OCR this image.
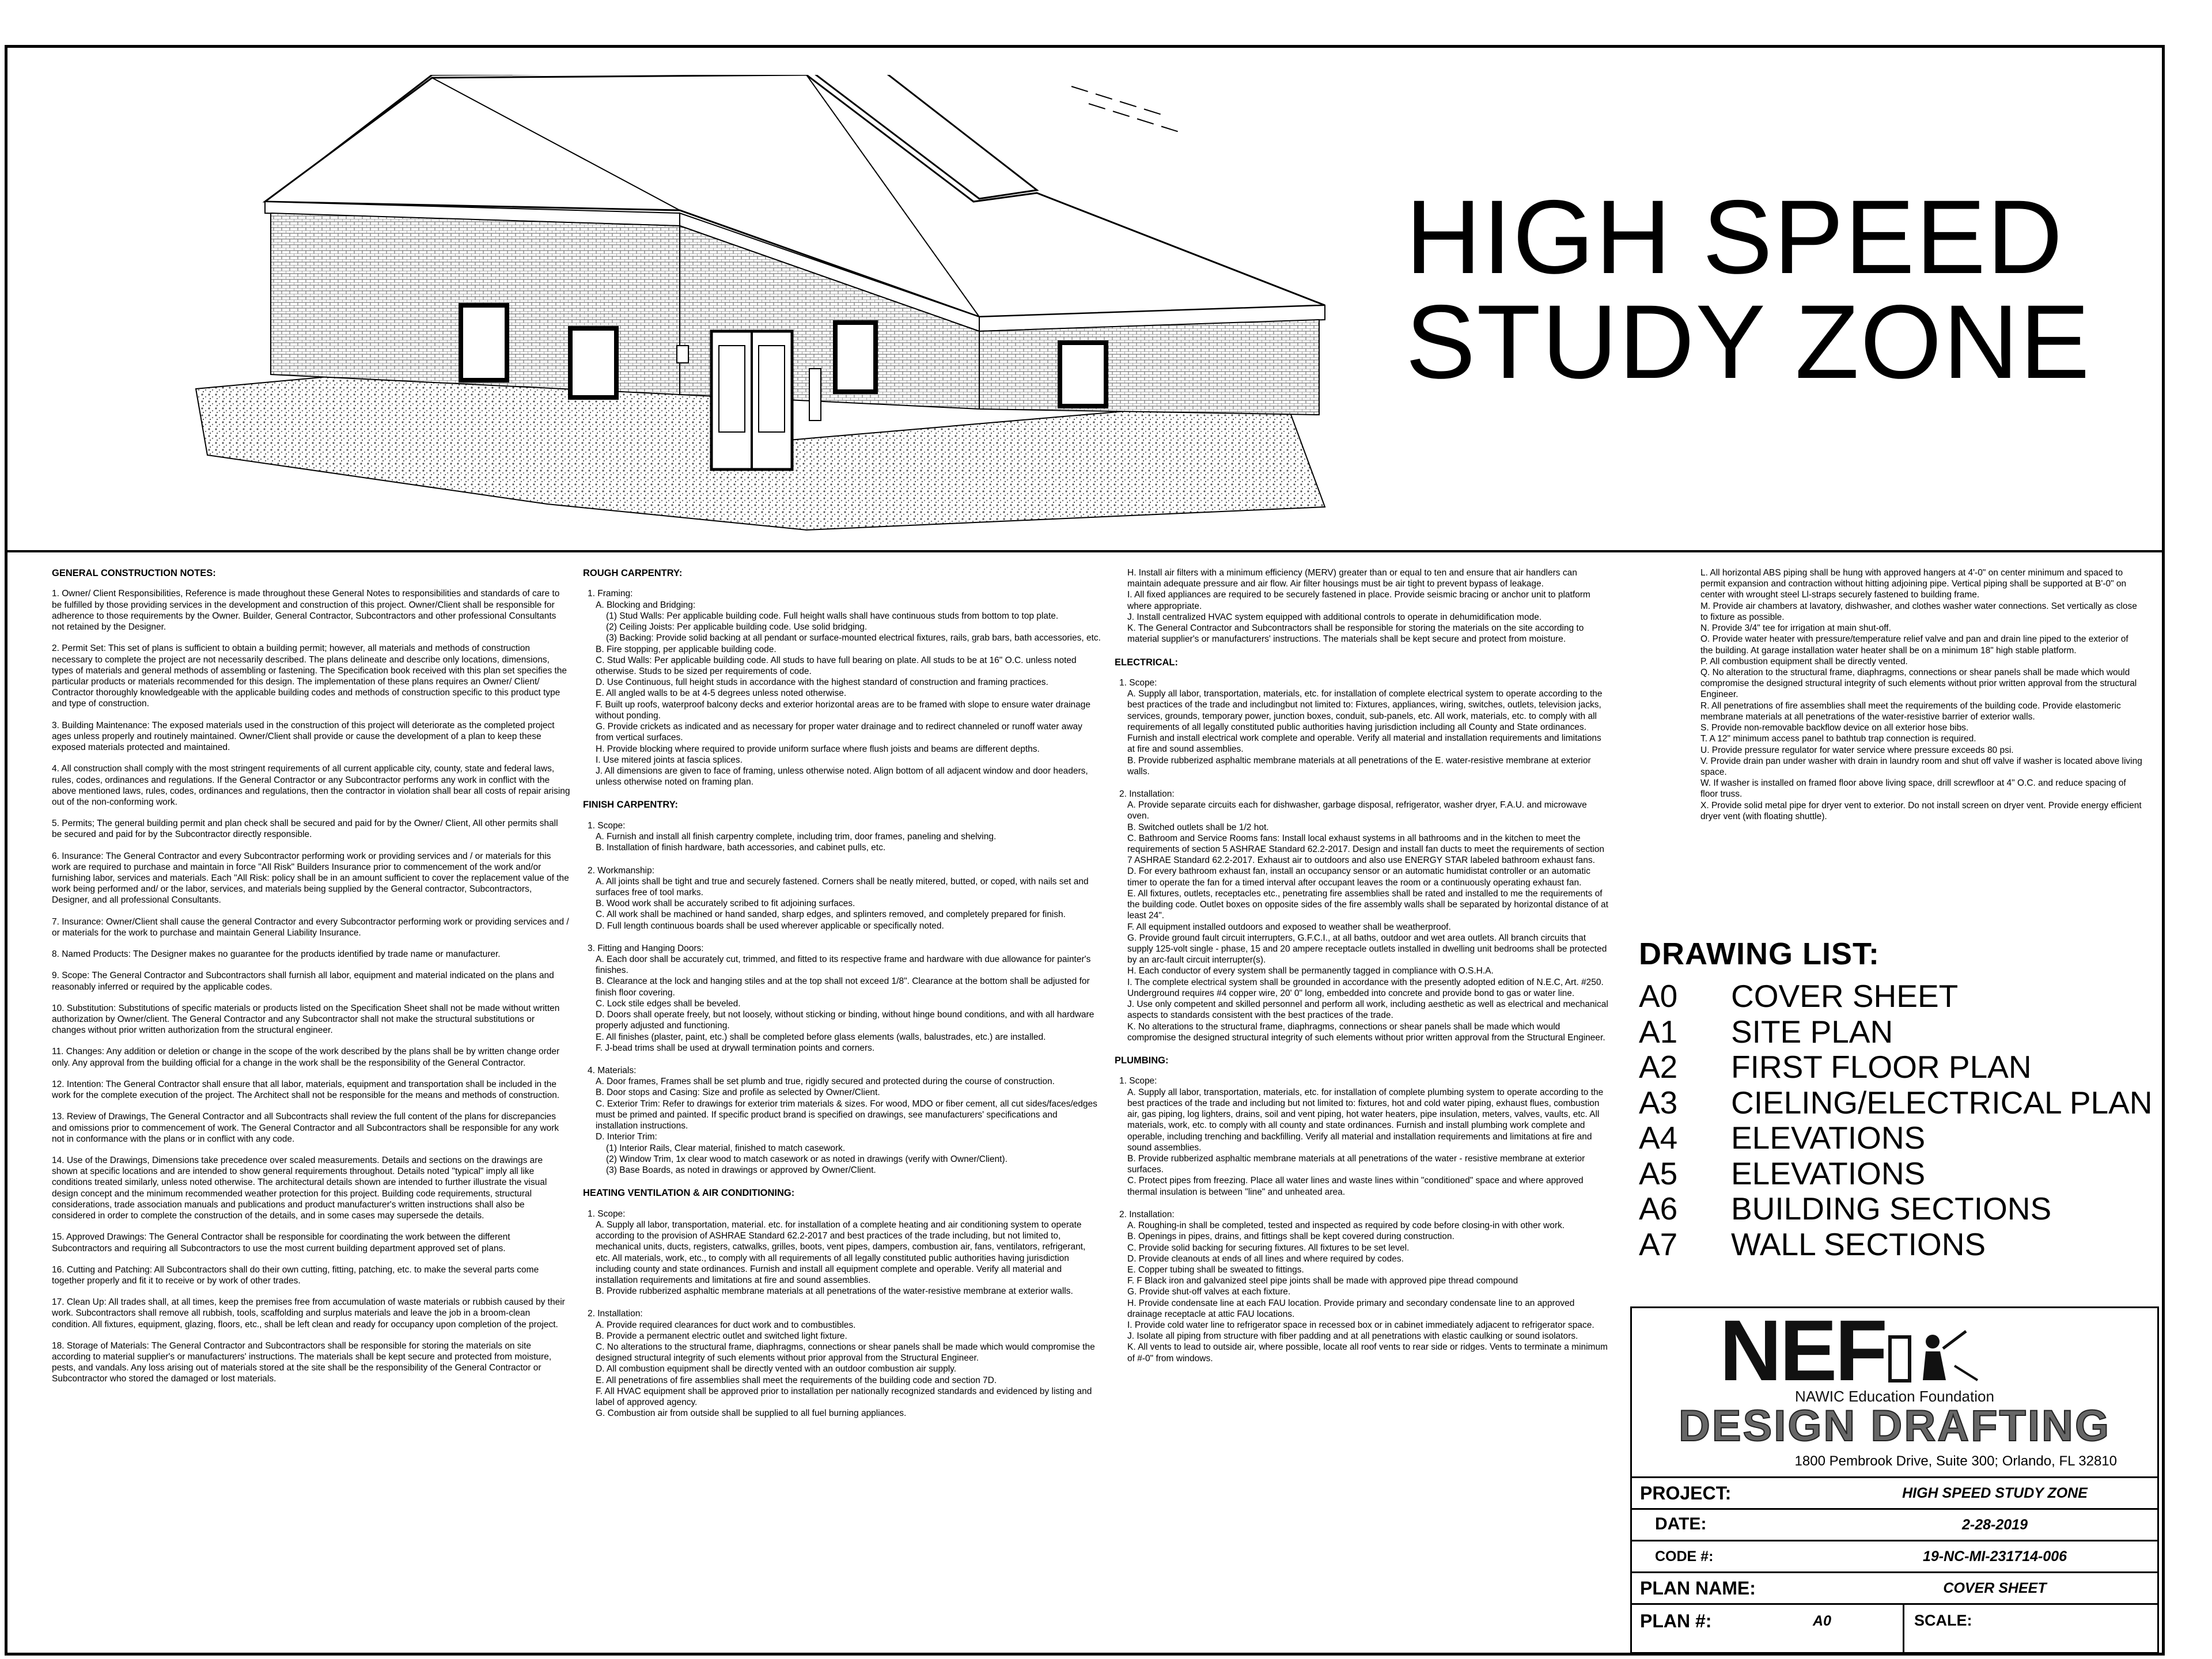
HIGH SPEED
STUDY ZONE
GENERAL CONSTRUCTION NOTES:

1. Owner/ Client Responsibilities, Reference is made throughout these General Notes to responsibilities and standards of care to be fulfilled by those providing services in the development and construction of this project. Owner/Client shall be responsible for adherence to those requirements by the Owner. Builder, General Contractor, Subcontractors and other professional Consultants not retained by the Designer.

2. Permit Set: This set of plans is sufficient to obtain a building permit; however, all materials and methods of construction necessary to complete the project are not necessarily described. The plans delineate and describe only locations, dimensions, types of materials and general methods of assembling or fastening. The Specification book received with this plan set specifies the particular products or materials recommended for this design. The implementation of these plans requires an Owner/ Client/ Contractor thoroughly knowledgeable with the applicable building codes and methods of construction specific to this product type and type of construction.

3. Building Maintenance: The exposed materials used in the construction of this project will deteriorate as the completed project ages unless properly and routinely maintained. Owner/Client shall provide or cause the development of a plan to keep these exposed materials protected and maintained.

4. All construction shall comply with the most stringent requirements of all current applicable city, county, state and federal laws, rules, codes, ordinances and regulations. If the General Contractor or any Subcontractor performs any work in conflict with the above mentioned laws, rules, codes, ordinances and regulations, then the contractor in violation shall bear all costs of repair arising out of the non-conforming work.

5. Permits; The general building permit and plan check shall be secured and paid for by the Owner/ Client, All other permits shall be secured and paid for by the Subcontractor directly responsible.

6. Insurance: The General Contractor and every Subcontractor performing work or providing services and / or materials for this work are required to purchase and maintain in force "All Risk" Builders Insurance prior to commencement of the work and/or furnishing labor, services and materials. Each "All Risk: policy shall be in an amount sufficient to cover the replacement value of the work being performed and/ or the labor, services, and materials being supplied by the General contractor, Subcontractors, Designer, and all professional Consultants.

7. Insurance: Owner/Client shall cause the general Contractor and every Subcontractor performing work or providing services and / or materials for the work to purchase and maintain General Liability Insurance.

8. Named Products: The Designer makes no guarantee for the products identified by trade name or manufacturer.

9. Scope: The General Contractor and Subcontractors shall furnish all labor, equipment and material indicated on the plans and reasonably inferred or required by the applicable codes.

10. Substitution: Substitutions of specific materials or products listed on the Specification Sheet shall not be made without written authorization by Owner/client. The General Contractor and any Subcontractor shall not make the structural substitutions or changes without prior written authorization from the structural engineer.

11. Changes: Any addition or deletion or change in the scope of the work described by the plans shall be by written change order only. Any approval from the building official for a change in the work shall be the responsibility of the General Contractor.

12. Intention: The General Contractor shall ensure that all labor, materials, equipment and transportation shall be included in the work for the complete execution of the project. The Architect shall not be responsible for the means and methods of construction.

13. Review of Drawings, The General Contractor and all Subcontracts shall review the full content of the plans for discrepancies and omissions prior to commencement of work. The General Contractor and all Subcontractors shall be responsible for any work not in conformance with the plans or in conflict with any code.

14. Use of the Drawings, Dimensions take precedence over scaled measurements. Details and sections on the drawings are shown at specific locations and are intended to show general requirements throughout. Details noted "typical" imply all like conditions treated similarly, unless noted otherwise. The architectural details shown are intended to further illustrate the visual design concept and the minimum recommended weather protection for this project. Building code requirements, structural considerations, trade association manuals and publications and product manufacturer's written instructions shall also be considered in order to complete the construction of the details, and in some cases may supersede the details.

15. Approved Drawings: The General Contractor shall be responsible for coordinating the work between the different Subcontractors and requiring all Subcontractors to use the most current building department approved set of plans.

16. Cutting and Patching: All Subcontractors shall do their own cutting, fitting, patching, etc. to make the several parts come together properly and fit it to receive or by work of other trades.

17. Clean Up: All trades shall, at all times, keep the premises free from accumulation of waste materials or rubbish caused by their work. Subcontractors shall remove all rubbish, tools, scaffolding and surplus materials and leave the job in a broom-clean condition. All fixtures, equipment, glazing, floors, etc., shall be left clean and ready for occupancy upon completion of the project.

18. Storage of Materials: The General Contractor and Subcontractors shall be responsible for storing the materials on site according to material supplier's or manufacturers' instructions. The materials shall be kept secure and protected from moisture, pests, and vandals. Any loss arising out of materials stored at the site shall be the responsibility of the General Contractor or Subcontractor who stored the damaged or lost materials.

ROUGH CARPENTRY:
1. Framing:
A. Blocking and Bridging:
(1) Stud Walls: Per applicable building code. Full height walls shall have continuous studs from bottom to top plate.
(2) Ceiling Joists: Per applicable building code. Use solid bridging.
(3) Backing: Provide solid backing at all pendant or surface-mounted electrical fixtures, rails, grab bars, bath accessories, etc.
B. Fire stopping, per applicable building code.
C. Stud Walls: Per applicable building code. All studs to have full bearing on plate. All studs to be at 16" O.C. unless noted otherwise. Studs to be sized per requirements of code.
D. Use Continuous, full height studs in accordance with the highest standard of construction and framing practices.
E. All angled walls to be at 4-5 degrees unless noted otherwise.
F. Built up roofs, waterproof balcony decks and exterior horizontal areas are to be framed with slope to ensure water drainage without ponding.
G. Provide crickets as indicated and as necessary for proper water drainage and to redirect channeled or runoff water away from vertical surfaces.
H. Provide blocking where required to provide uniform surface where flush joists and beams are different depths.
I. Use mitered joints at fascia splices.
J. All dimensions are given to face of framing, unless otherwise noted. Align bottom of all adjacent window and door headers, unless otherwise noted on framing plan.
FINISH CARPENTRY:
1. Scope:
A. Furnish and install all finish carpentry complete, including trim, door frames, paneling and shelving.
B. Installation of finish hardware, bath accessories, and cabinet pulls, etc.
2. Workmanship:
A. All joints shall be tight and true and securely fastened. Corners shall be neatly mitered, butted, or coped, with nails set and surfaces free of tool marks.
B. Wood work shall be accurately scribed to fit adjoining surfaces.
C. All work shall be machined or hand sanded, sharp edges, and splinters removed, and completely prepared for finish.
D. Full length continuous boards shall be used wherever applicable or specifically noted.
3. Fitting and Hanging Doors:
A. Each door shall be accurately cut, trimmed, and fitted to its respective frame and hardware with due allowance for painter's finishes.
B. Clearance at the lock and hanging stiles and at the top shall not exceed 1/8". Clearance at the bottom shall be adjusted for finish floor covering.
C. Lock stile edges shall be beveled.
D. Doors shall operate freely, but not loosely, without sticking or binding, without hinge bound conditions, and with all hardware properly adjusted and functioning.
E. All finishes (plaster, paint, etc.) shall be completed before glass elements (walls, balustrades, etc.) are installed.
F. J-bead trims shall be used at drywall termination points and corners.
4. Materials:
A. Door frames, Frames shall be set plumb and true, rigidly secured and protected during the course of construction.
B. Door stops and Casing: Size and profile as selected by Owner/Client.
C. Exterior Trim: Refer to drawings for exterior trim materials & sizes. For wood, MDO or fiber cement, all cut sides/faces/edges must be primed and painted. If specific product brand is specified on drawings, see manufacturers' specifications and installation instructions.
D. Interior Trim:
(1) Interior Rails, Clear material, finished to match casework.
(2) Window Trim, 1x clear wood to match casework or as noted in drawings (verify with Owner/Client).
(3) Base Boards, as noted in drawings or approved by Owner/Client.
HEATING VENTILATION & AIR CONDITIONING:
1. Scope:
A. Supply all labor, transportation, material. etc. for installation of a complete heating and air conditioning system to operate according to the provision of ASHRAE Standard 62.2-2017 and best practices of the trade including, but not limited to, mechanical units, ducts, registers, catwalks, grilles, boots, vent pipes, dampers, combustion air, fans, ventilators, refrigerant, etc. All materials, work, etc., to comply with all requirements of all legally constituted public authorities having jurisdiction including county and state ordinances. Furnish and install all equipment complete and operable. Verify all material and installation requirements and limitations at fire and sound assemblies.
B. Provide rubberized asphaltic membrane materials at all penetrations of the water-resistive membrane at exterior walls.
2. Installation:
A. Provide required clearances for duct work and to combustibles.
B. Provide a permanent electric outlet and switched light fixture.
C. No alterations to the structural frame, diaphragms, connections or shear panels shall be made which would compromise the designed structural integrity of such elements without prior approval from the Structural Engineer.
D. All combustion equipment shall be directly vented with an outdoor combustion air supply.
E. All penetrations of fire assemblies shall meet the requirements of the building code and section 7D.
F. All HVAC equipment shall be approved prior to installation per nationally recognized standards and evidenced by listing and label of approved agency.
G. Combustion air from outside shall be supplied to all fuel burning appliances.
H. Install air filters with a minimum efficiency (MERV) greater than or equal to ten and ensure that air handlers can maintain adequate pressure and air flow. Air filter housings must be air tight to prevent bypass of leakage.
I. All fixed appliances are required to be securely fastened in place. Provide seismic bracing or anchor unit to platform where appropriate.
J. Install centralized HVAC system equipped with additional controls to operate in dehumidification mode.
K. The General Contractor and Subcontractors shall be responsible for storing the materials on the site according to material supplier's or manufacturers' instructions. The materials shall be kept secure and protect from moisture.
ELECTRICAL:
1. Scope:
A. Supply all labor, transportation, materials, etc. for installation of complete electrical system to operate according to the best practices of the trade and includingbut not limited to: Fixtures, appliances, wiring, switches, outlets, television jacks, services, grounds, temporary power, junction boxes, conduit, sub-panels, etc. All work, materials, etc. to comply with all requirements of all legally constituted public authorities having jurisdiction including all County and State ordinances. Furnish and install electrical work complete and operable. Verify all material and installation requirements and limitations at fire and sound assemblies.
B. Provide rubberized asphaltic membrane materials at all penetrations of the E. water-resistive membrane at exterior walls.
2. Installation:
A. Provide separate circuits each for dishwasher, garbage disposal, refrigerator, washer dryer, F.A.U. and microwave oven.
B. Switched outlets shall be 1/2 hot.
C. Bathroom and Service Rooms fans: Install local exhaust systems in all bathrooms and in the kitchen to meet the requirements of section 5 ASHRAE Standard 62.2-2017. Design and install fan ducts to meet the requirements of section 7 ASHRAE Standard 62.2-2017. Exhaust air to outdoors and also use ENERGY STAR labeled bathroom exhaust fans.
D. For every bathroom exhaust fan, install an occupancy sensor or an automatic humidistat controller or an automatic timer to operate the fan for a timed interval after occupant leaves the room or a continuously operating exhaust fan.
E. All fixtures, outlets, receptacles etc., penetrating fire assemblies shall be rated and installed to me the requirements of the building code. Outlet boxes on opposite sides of the fire assembly walls shall be separated by horizontal distance of at least 24".
F. All equipment installed outdoors and exposed to weather shall be weatherproof.
G. Provide ground fault circuit interrupters, G.F.C.I., at all baths, outdoor and wet area outlets. All branch circuits that supply 125-volt single - phase, 15 and 20 ampere receptacle outlets installed in dwelling unit bedrooms shall be protected by an arc-fault circuit interrupter(s).
H. Each conductor of every system shall be permanently tagged in compliance with O.S.H.A.
I. The complete electrical system shall be grounded in accordance with the presently adopted edition of N.E.C, Art. #250. Underground requires #4 copper wire, 20' 0" long, embedded into concrete and provide bond to gas or water line.
J. Use only competent and skilled personnel and perform all work, including aesthetic as well as electrical and mechanical aspects to standards consistent with the best practices of the trade.
K. No alterations to the structural frame, diaphragms, connections or shear panels shall be made which would compromise the designed structural integrity of such elements without prior written approval from the Structural Engineer.
PLUMBING:
1. Scope:
A. Supply all labor, transportation, materials, etc. for installation of complete plumbing system to operate according to the best practices of the trade and including but not limited to: fixtures, hot and cold water piping, exhaust flues, combustion air, gas piping, log lighters, drains, soil and vent piping, hot water heaters, pipe insulation, meters, valves, vaults, etc. All materials, work, etc. to comply with all county and state ordinances. Furnish and install plumbing work complete and operable, including trenching and backfilling. Verify all material and installation requirements and limitations at fire and sound assemblies.
B. Provide rubberized asphaltic membrane materials at all penetrations of the water - resistive membrane at exterior surfaces.
C. Protect pipes from freezing. Place all water lines and waste lines within "conditioned" space and where approved thermal insulation is between "line" and unheated area.
2. Installation:
A. Roughing-in shall be completed, tested and inspected as required by code before closing-in with other work.
B. Openings in pipes, drains, and fittings shall be kept covered during construction.
C. Provide solid backing for securing fixtures. All fixtures to be set level.
D. Provide cleanouts at ends of all lines and where required by codes.
E. Copper tubing shall be sweated to fittings.
F. F Black iron and galvanized steel pipe joints shall be made with approved pipe thread compound
G. Provide shut-off valves at each fixture.
H. Provide condensate line at each FAU location. Provide primary and secondary condensate line to an approved drainage receptacle at attic FAU locations.
I. Provide cold water line to refrigerator space in recessed box or in cabinet immediately adjacent to refrigerator space.
J. Isolate all piping from structure with fiber padding and at all penetrations with elastic caulking or sound isolators.
K. All vents to lead to outside air, where possible, locate all roof vents to rear side or ridges. Vents to terminate a minimum of #-0" from windows.
L. All horizontal ABS piping shall be hung with approved hangers at 4'-0" on center minimum and spaced to permit expansion and contraction without hitting adjoining pipe. Vertical piping shall be supported at B'-0" on center with wrought steel Ll-straps securely fastened to building frame.
M. Provide air chambers at lavatory, dishwasher, and clothes washer water connections. Set vertically as close to fixture as possible.
N. Provide 3/4" tee for irrigation at main shut-off.
O. Provide water heater with pressure/temperature relief valve and pan and drain line piped to the exterior of the building. At garage installation water heater shall be on a minimum 18" high stable platform.
P. All combustion equipment shall be directly vented.
Q. No alteration to the structural frame, diaphragms, connections or shear panels shall be made which would compromise the designed structural integrity of such elements without prior written approval from the structural Engineer.
R. All penetrations of fire assemblies shall meet the requirements of the building code. Provide elastomeric membrane materials at all penetrations of the water-resistive barrier of exterior walls.
S. Provide non-removable backflow device on all exterior hose bibs.
T. A 12" minimum access panel to bathtub trap connection is required.
U. Provide pressure regulator for water service where pressure exceeds 80 psi.
V. Provide drain pan under washer with drain in laundry room and shut off valve if washer is located above living space.
W. If washer is installed on framed floor above living space, drill screwfloor at 4" O.C. and reduce spacing of floor truss.
X. Provide solid metal pipe for dryer vent to exterior. Do not install screen on dryer vent. Provide energy efficient dryer vent (with floating shuttle).
DRAWING LIST:
A0	COVER SHEET
A1	SITE PLAN
A2	FIRST FLOOR PLAN
A3	CIELING/ELECTRICAL PLAN
A4	ELEVATIONS
A5	ELEVATIONS
A6	BUILDING SECTIONS
A7	WALL SECTIONS
NEF
NAWIC Education Foundation
DESIGN DRAFTING
1800 Pembrook Drive, Suite 300; Orlando, FL 32810
PROJECT:	HIGH SPEED STUDY ZONE
DATE:	2-28-2019
CODE #:	19-NC-MI-231714-006
PLAN NAME:	COVER SHEET
PLAN #:	A0	SCALE:
